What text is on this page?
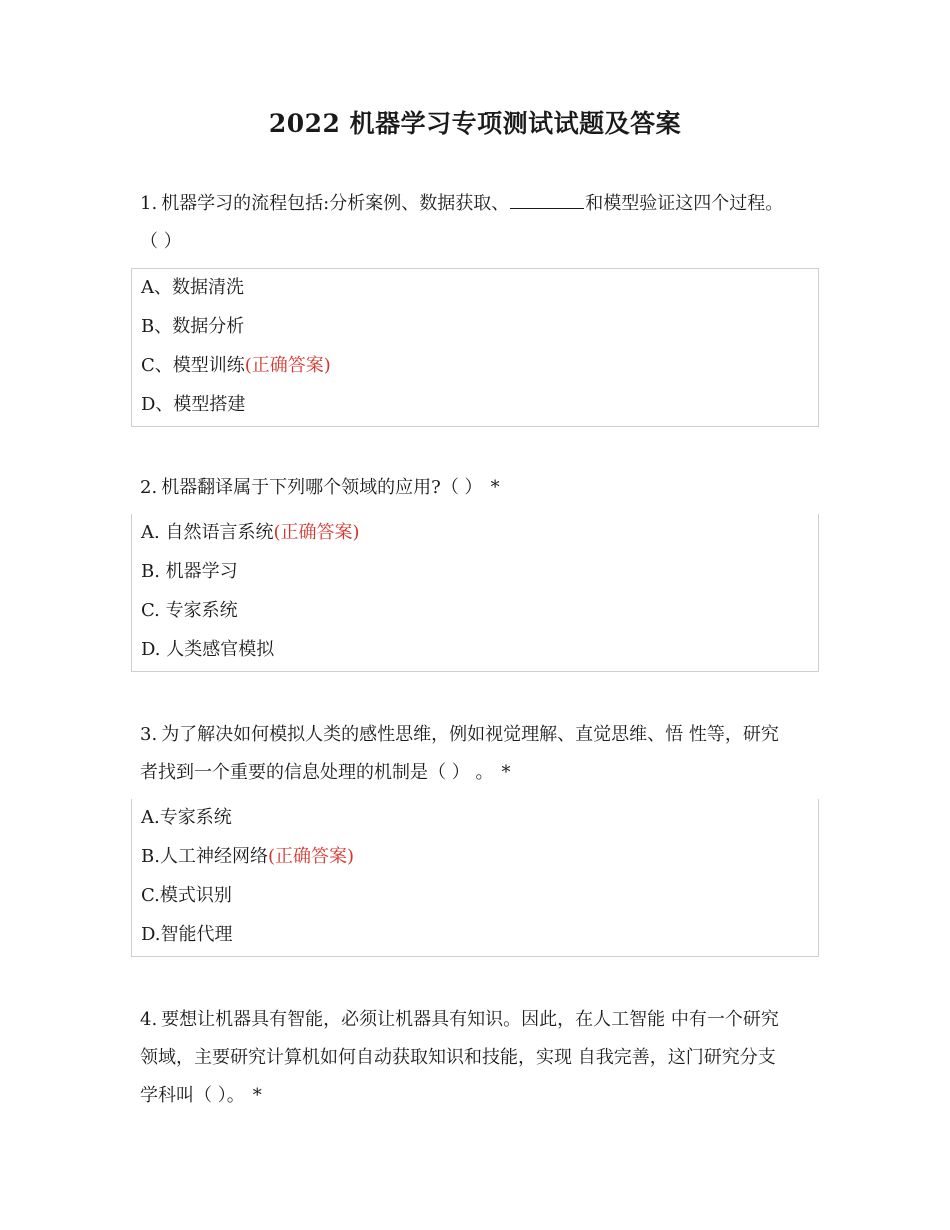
2022 机器学习专项测试试题及答案
1. 机器学习的流程包括:分析案例、数据获取、	和模型验证这四个过程。
（ ）
A、数据清洗
B、数据分析
C、模型训练(正确答案)
D、模型搭建
2. 机器翻译属于下列哪个领域的应用?（ ） *
A. 自然语言系统(正确答案)
B. 机器学习
C. 专家系统
D. 人类感官模拟
3. 为了解决如何模拟人类的感性思维，例如视觉理解、直觉思维、悟 性等，研究
者找到一个重要的信息处理的机制是（ ） 。 *
A.专家系统
B.人工神经网络(正确答案)
C.模式识别
D.智能代理
4. 要想让机器具有智能，必须让机器具有知识。因此，在人工智能 中有一个研究
领域，主要研究计算机如何自动获取知识和技能，实现 自我完善，这门研究分支
学科叫（ ）。 *
